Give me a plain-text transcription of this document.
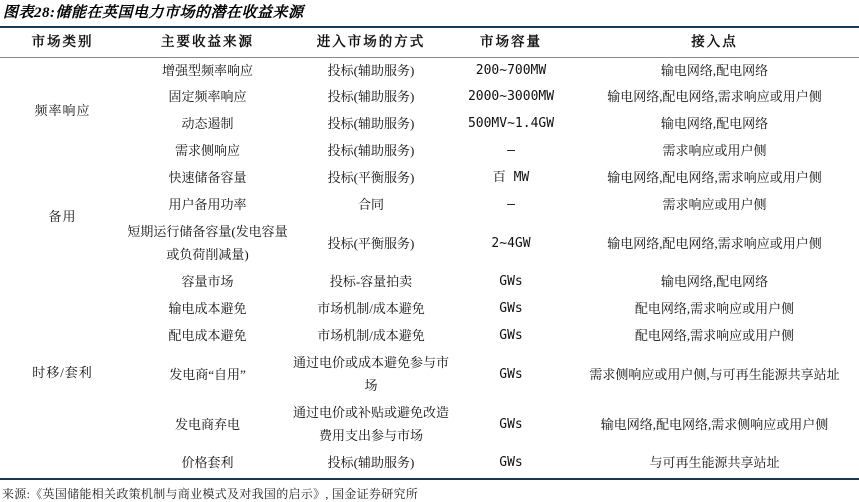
图表28:储能在英国电力市场的潜在收益来源
市场类别	主要收益来源	进入市场的方式	市场容量	接入点
频率响应	增强型频率响应	投标(辅助服务)	200~700MW	输电网络,配电网络
	固定频率响应	投标(辅助服务)	2000~3000MW	输电网络,配电网络,需求响应或用户侧
	动态遏制	投标(辅助服务)	500MV~1.4GW	输电网络,配电网络
	需求侧响应	投标(辅助服务)	–	需求响应或用户侧
备用	快速储备容量	投标(平衡服务)	百 MW	输电网络,配电网络,需求响应或用户侧
	用户备用功率	合同	–	需求响应或用户侧
	短期运行储备容量(发电容量或负荷削减量)	投标(平衡服务)	2~4GW	输电网络,配电网络,需求响应或用户侧
时移/套利	容量市场	投标-容量拍卖	GWs	输电网络,配电网络
	输电成本避免	市场机制/成本避免	GWs	配电网络,需求响应或用户侧
	配电成本避免	市场机制/成本避免	GWs	配电网络,需求响应或用户侧
	发电商“自用”	通过电价或成本避免参与市场	GWs	需求侧响应或用户侧,与可再生能源共享站址
	发电商弃电	通过电价或补贴或避免改造费用支出参与市场	GWs	输电网络,配电网络,需求侧响应或用户侧
	价格套利	投标(辅助服务)	GWs	与可再生能源共享站址
来源:《英国储能相关政策机制与商业模式及对我国的启示》, 国金证券研究所
